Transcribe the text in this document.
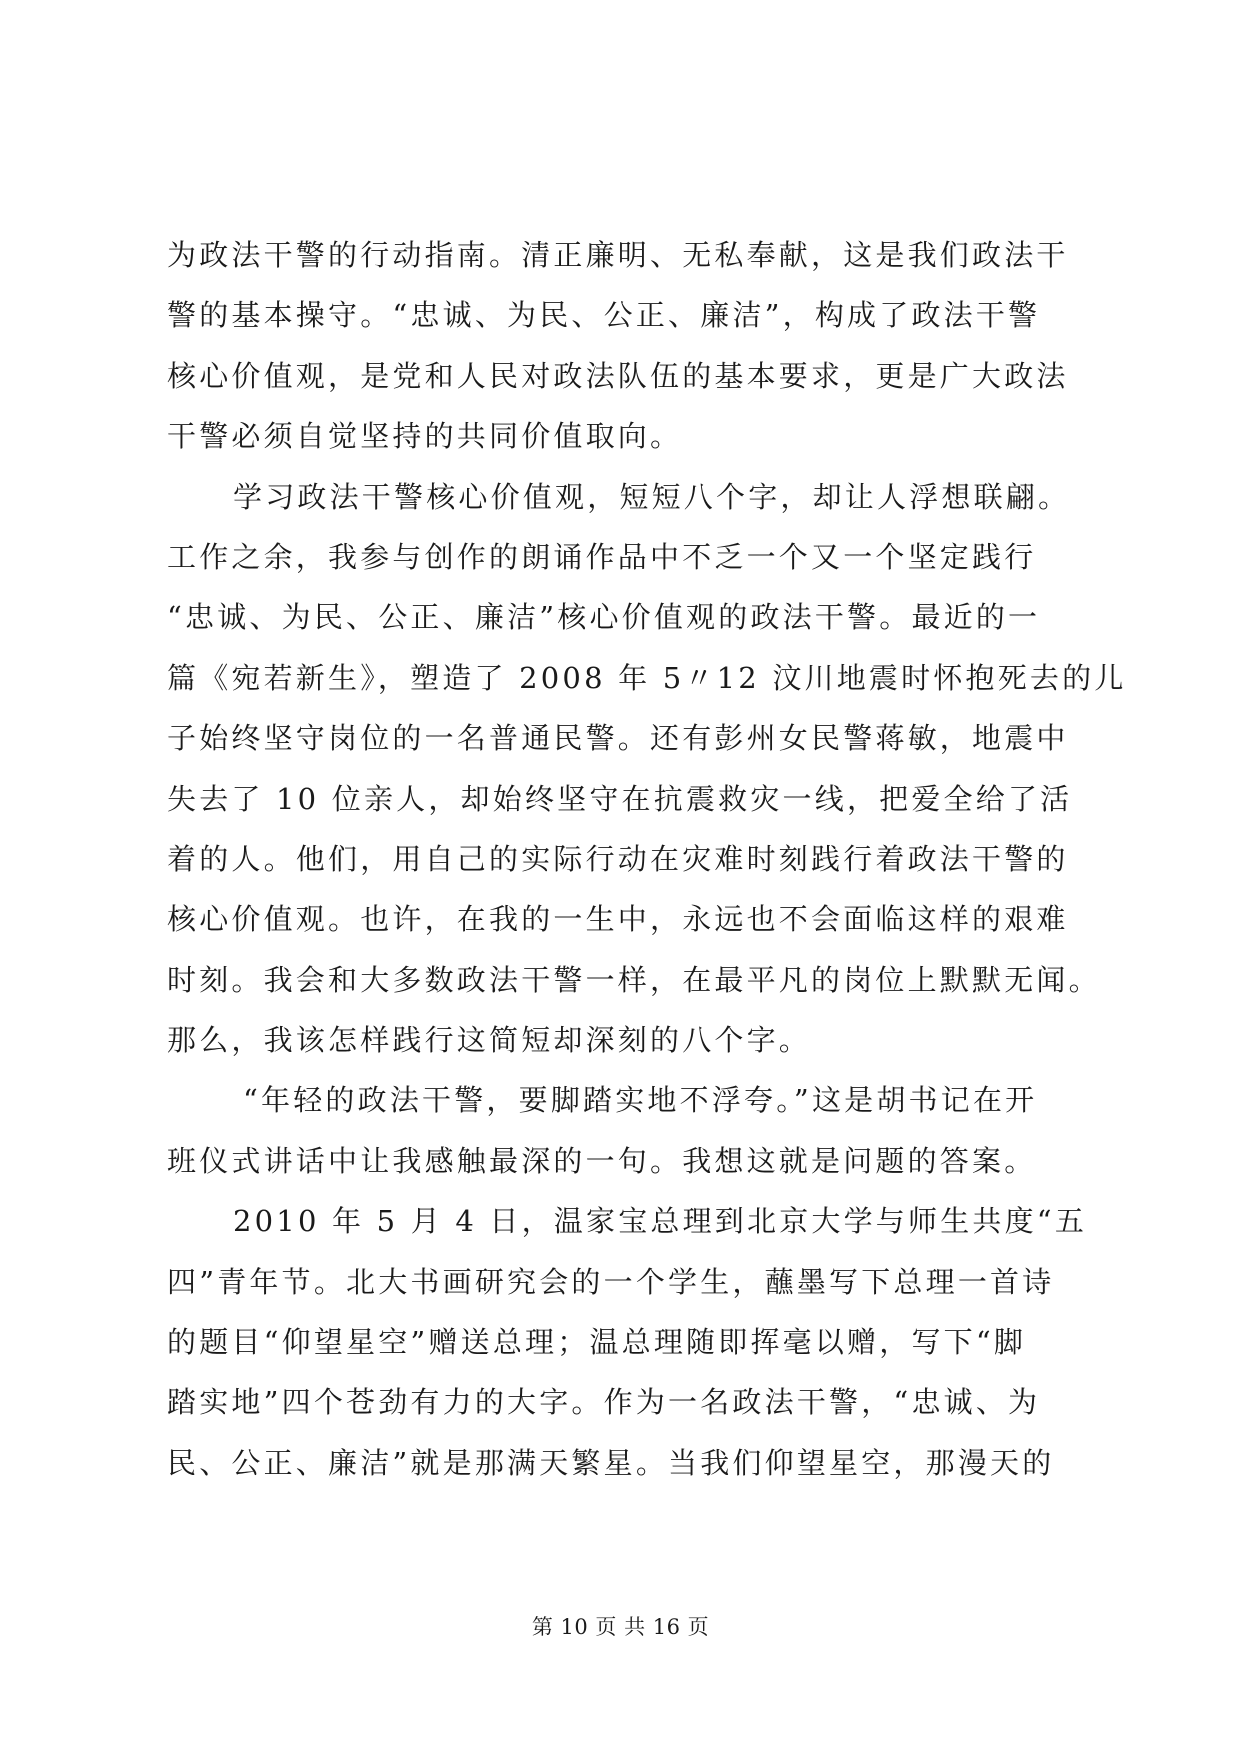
为政法干警的行动指南。清正廉明、无私奉献，这是我们政法干
警的基本操守。“忠诚、为民、公正、廉洁”，构成了政法干警
核心价值观，是党和人民对政法队伍的基本要求，更是广大政法
干警必须自觉坚持的共同价值取向。
学习政法干警核心价值观，短短八个字，却让人浮想联翩。
工作之余，我参与创作的朗诵作品中不乏一个又一个坚定践行
“忠诚、为民、公正、廉洁”核心价值观的政法干警。最近的一
篇《宛若新生》，塑造了 2008 年 5〃12 汶川地震时怀抱死去的儿
子始终坚守岗位的一名普通民警。还有彭州女民警蒋敏，地震中
失去了 10 位亲人，却始终坚守在抗震救灾一线，把爱全给了活
着的人。他们，用自己的实际行动在灾难时刻践行着政法干警的
核心价值观。也许，在我的一生中，永远也不会面临这样的艰难
时刻。我会和大多数政法干警一样，在最平凡的岗位上默默无闻。
那么，我该怎样践行这简短却深刻的八个字。
“年轻的政法干警，要脚踏实地不浮夸。”这是胡书记在开
班仪式讲话中让我感触最深的一句。我想这就是问题的答案。
2010 年 5 月 4 日，温家宝总理到北京大学与师生共度“五
四”青年节。北大书画研究会的一个学生，蘸墨写下总理一首诗
的题目“仰望星空”赠送总理；温总理随即挥毫以赠，写下“脚
踏实地”四个苍劲有力的大字。作为一名政法干警，“忠诚、为
民、公正、廉洁”就是那满天繁星。当我们仰望星空，那漫天的
第 10 页 共 16 页
